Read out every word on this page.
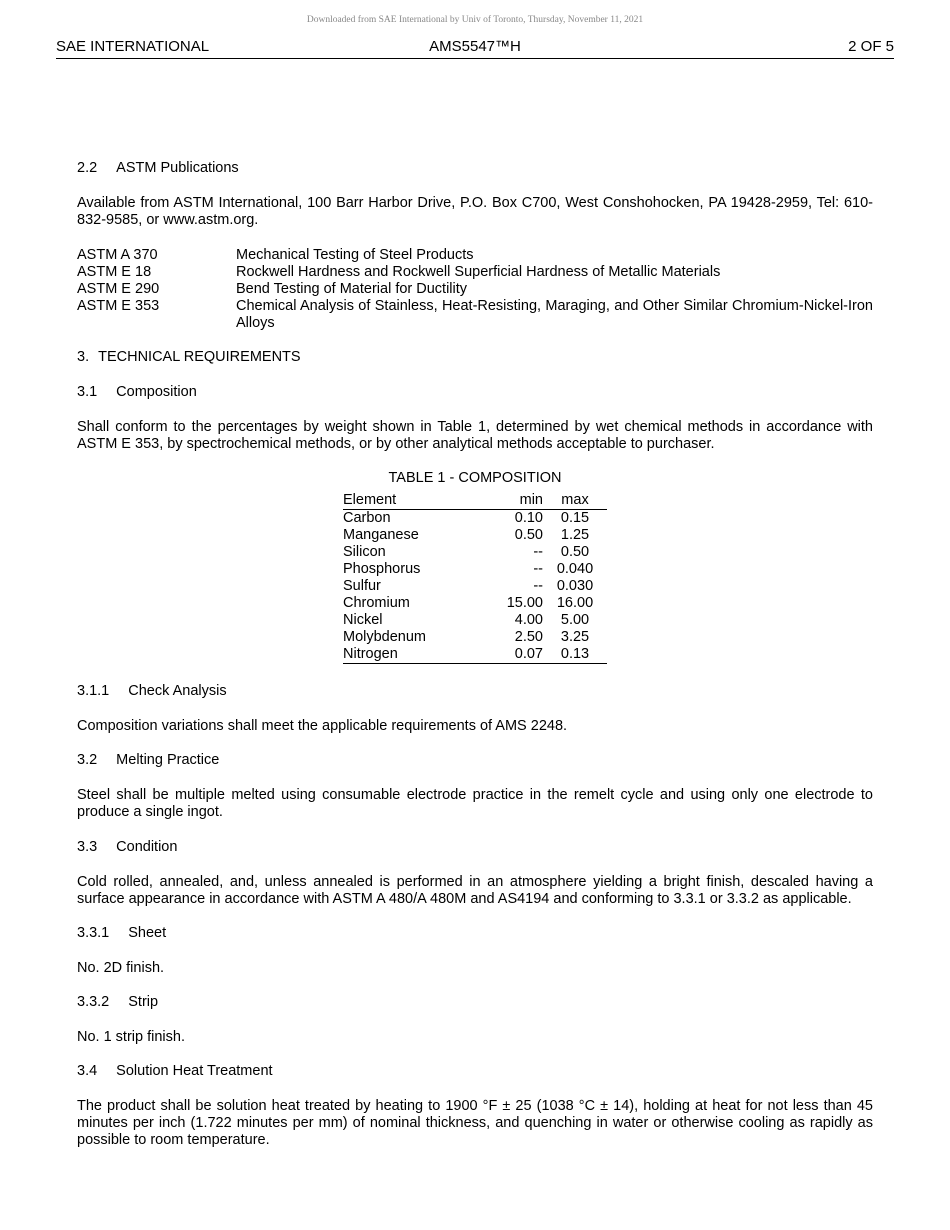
Downloaded from SAE International by Univ of Toronto, Thursday, November 11, 2021
SAE INTERNATIONAL	AMS5547™H	2 OF 5
2.2 ASTM Publications
Available from ASTM International, 100 Barr Harbor Drive, P.O. Box C700, West Conshohocken, PA 19428-2959, Tel: 610-832-9585, or www.astm.org.
ASTM A 370	Mechanical Testing of Steel Products
ASTM E 18	Rockwell Hardness and Rockwell Superficial Hardness of Metallic Materials
ASTM E 290	Bend Testing of Material for Ductility
ASTM E 353	Chemical Analysis of Stainless, Heat-Resisting, Maraging, and Other Similar Chromium-Nickel-Iron Alloys
3. TECHNICAL REQUIREMENTS
3.1 Composition
Shall conform to the percentages by weight shown in Table 1, determined by wet chemical methods in accordance with ASTM E 353, by spectrochemical methods, or by other analytical methods acceptable to purchaser.
TABLE 1 - COMPOSITION
Element	min	max
Carbon	0.10	0.15
Manganese	0.50	1.25
Silicon	--	0.50
Phosphorus	--	0.040
Sulfur	--	0.030
Chromium	15.00	16.00
Nickel	4.00	5.00
Molybdenum	2.50	3.25
Nitrogen	0.07	0.13
3.1.1 Check Analysis
Composition variations shall meet the applicable requirements of AMS 2248.
3.2 Melting Practice
Steel shall be multiple melted using consumable electrode practice in the remelt cycle and using only one electrode to produce a single ingot.
3.3 Condition
Cold rolled, annealed, and, unless annealed is performed in an atmosphere yielding a bright finish, descaled having a surface appearance in accordance with ASTM A 480/A 480M and AS4194 and conforming to 3.3.1 or 3.3.2 as applicable.
3.3.1 Sheet
No. 2D finish.
3.3.2 Strip
No. 1 strip finish.
3.4 Solution Heat Treatment
The product shall be solution heat treated by heating to 1900 °F ± 25 (1038 °C ± 14), holding at heat for not less than 45 minutes per inch (1.722 minutes per mm) of nominal thickness, and quenching in water or otherwise cooling as rapidly as possible to room temperature.
